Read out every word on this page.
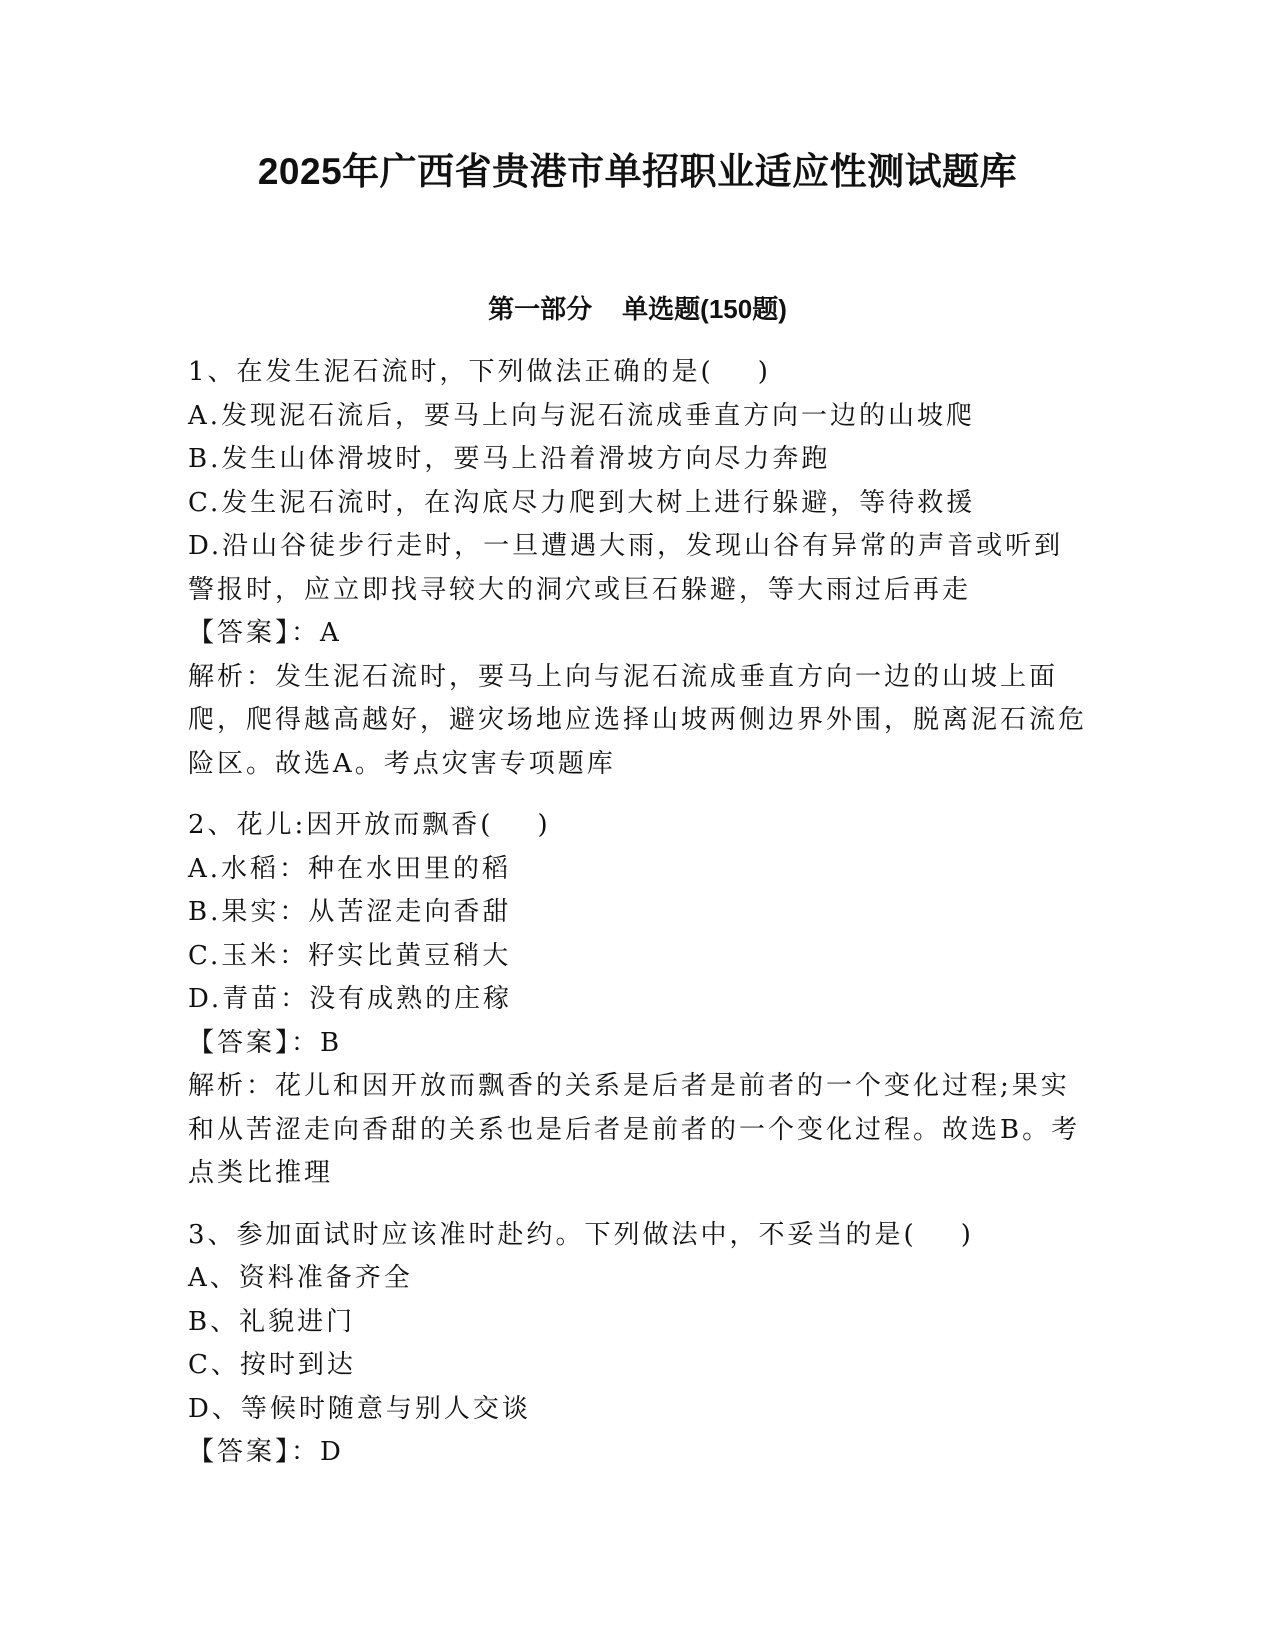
2025年广西省贵港市单招职业适应性测试题库
第一部分 单选题(150题)
1、在发生泥石流时，下列做法正确的是( )
A.发现泥石流后，要马上向与泥石流成垂直方向一边的山坡爬
B.发生山体滑坡时，要马上沿着滑坡方向尽力奔跑
C.发生泥石流时，在沟底尽力爬到大树上进行躲避，等待救援
D.沿山谷徒步行走时，一旦遭遇大雨，发现山谷有异常的声音或听到警报时，应立即找寻较大的洞穴或巨石躲避，等大雨过后再走
【答案】：A
解析：发生泥石流时，要马上向与泥石流成垂直方向一边的山坡上面爬，爬得越高越好，避灾场地应选择山坡两侧边界外围，脱离泥石流危险区。故选A。考点灾害专项题库
2、花儿:因开放而飘香( )
A.水稻：种在水田里的稻
B.果实：从苦涩走向香甜
C.玉米：籽实比黄豆稍大
D.青苗：没有成熟的庄稼
【答案】：B
解析：花儿和因开放而飘香的关系是后者是前者的一个变化过程;果实和从苦涩走向香甜的关系也是后者是前者的一个变化过程。故选B。考点类比推理
3、参加面试时应该准时赴约。下列做法中，不妥当的是( )
A、资料准备齐全
B、礼貌进门
C、按时到达
D、等候时随意与别人交谈
【答案】：D
